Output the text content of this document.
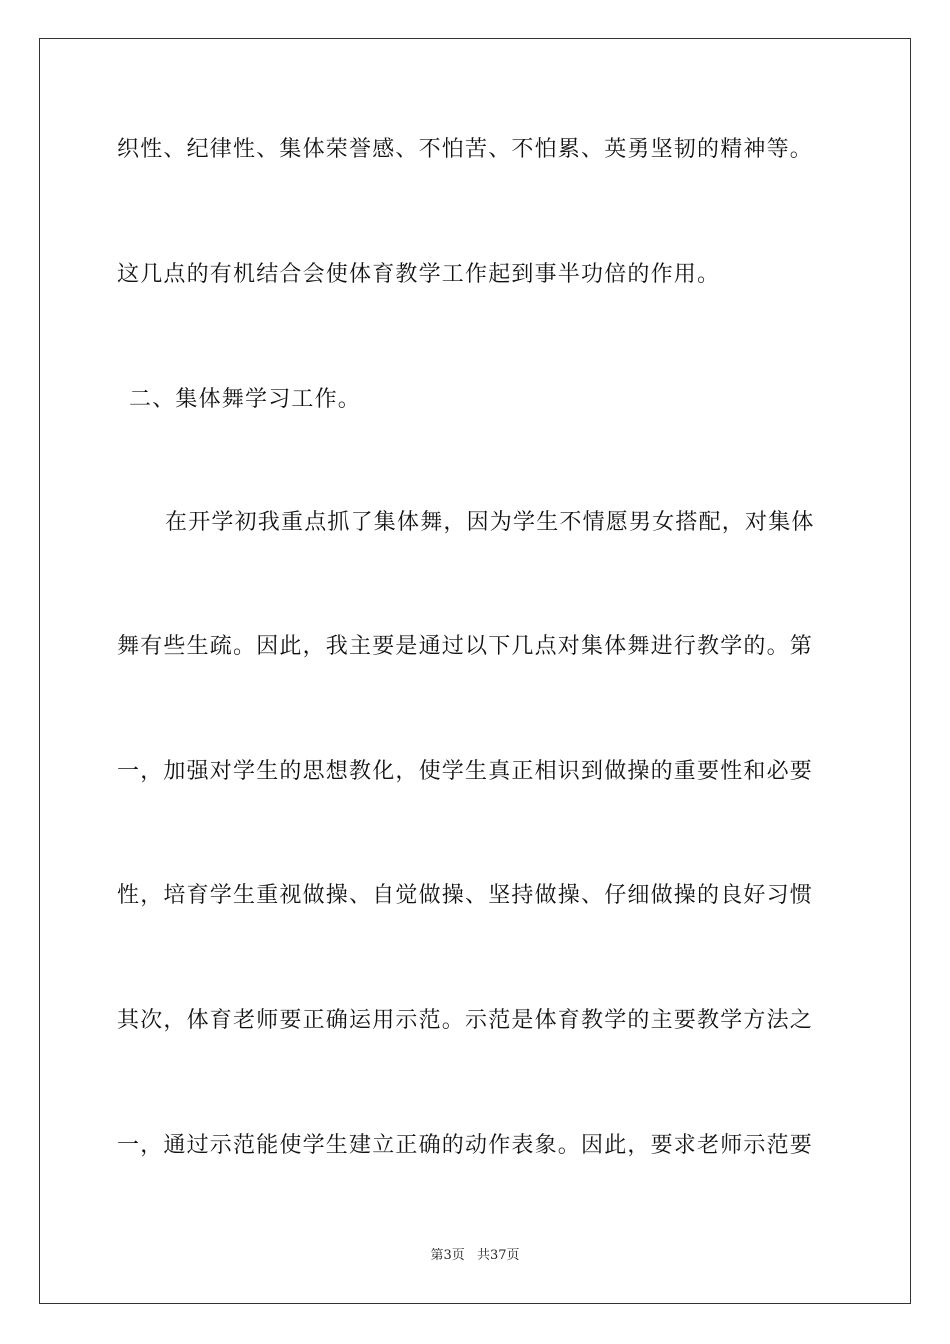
织性、纪律性、集体荣誉感、不怕苦、不怕累、英勇坚韧的精神等。
这几点的有机结合会使体育教学工作起到事半功倍的作用。
二、集体舞学习工作。
在开学初我重点抓了集体舞，因为学生不情愿男女搭配，对集体
舞有些生疏。因此，我主要是通过以下几点对集体舞进行教学的。第
一，加强对学生的思想教化，使学生真正相识到做操的重要性和必要
性，培育学生重视做操、自觉做操、坚持做操、仔细做操的良好习惯
其次，体育老师要正确运用示范。示范是体育教学的主要教学方法之
一，通过示范能使学生建立正确的动作表象。因此，要求老师示范要
第3页 共37页
